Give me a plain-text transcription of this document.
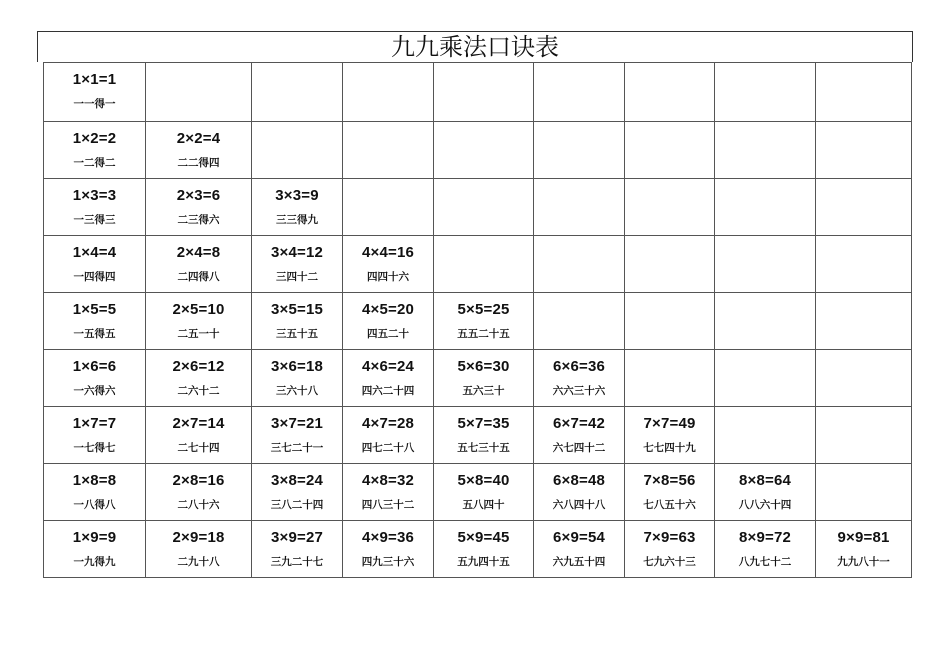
九九乘法口诀表
1×1=1
一一得一								

1×2=2
一二得二	2×2=4
二二得四							

1×3=3
一三得三	2×3=6
二三得六	3×3=9
三三得九						

1×4=4
一四得四	2×4=8
二四得八	3×4=12
三四十二	4×4=16
四四十六					

1×5=5
一五得五	2×5=10
二五一十	3×5=15
三五十五	4×5=20
四五二十	5×5=25
五五二十五				

1×6=6
一六得六	2×6=12
二六十二	3×6=18
三六十八	4×6=24
四六二十四	5×6=30
五六三十	6×6=36
六六三十六			

1×7=7
一七得七	2×7=14
二七十四	3×7=21
三七二十一	4×7=28
四七二十八	5×7=35
五七三十五	6×7=42
六七四十二	7×7=49
七七四十九		

1×8=8
一八得八	2×8=16
二八十六	3×8=24
三八二十四	4×8=32
四八三十二	5×8=40
五八四十	6×8=48
六八四十八	7×8=56
七八五十六	8×8=64
八八六十四	

1×9=9
一九得九	2×9=18
二九十八	3×9=27
三九二十七	4×9=36
四九三十六	5×9=45
五九四十五	6×9=54
六九五十四	7×9=63
七九六十三	8×9=72
八九七十二	9×9=81
九九八十一
